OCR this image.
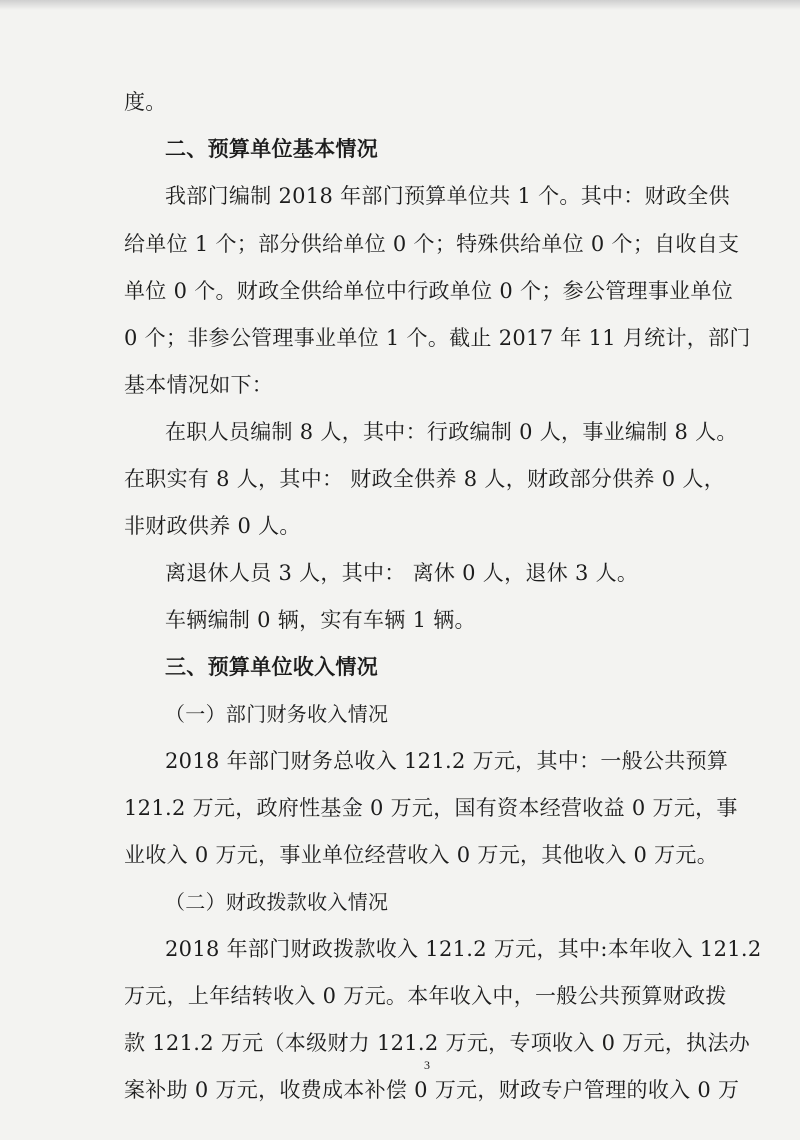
度。
二、预算单位基本情况
我部门编制 2018 年部门预算单位共 1 个。其中：财政全供
给单位 1 个；部分供给单位 0 个；特殊供给单位 0 个；自收自支
单位 0 个。财政全供给单位中行政单位 0 个；参公管理事业单位
0 个；非参公管理事业单位 1 个。截止 2017 年 11 月统计，部门
基本情况如下：
在职人员编制 8 人，其中：行政编制 0 人，事业编制 8 人。
在职实有 8 人，其中： 财政全供养 8 人，财政部分供养 0 人，
非财政供养 0 人。
离退休人员 3 人，其中： 离休 0 人，退休 3 人。
车辆编制 0 辆，实有车辆 1 辆。
三、预算单位收入情况
（一）部门财务收入情况
2018 年部门财务总收入 121.2 万元，其中：一般公共预算
121.2 万元，政府性基金 0 万元，国有资本经营收益 0 万元，事
业收入 0 万元，事业单位经营收入 0 万元，其他收入 0 万元。
（二）财政拨款收入情况
2018 年部门财政拨款收入 121.2 万元，其中:本年收入 121.2
万元，上年结转收入 0 万元。本年收入中，一般公共预算财政拨
款 121.2 万元（本级财力 121.2 万元，专项收入 0 万元，执法办
案补助 0 万元，收费成本补偿 0 万元，财政专户管理的收入 0 万
3
